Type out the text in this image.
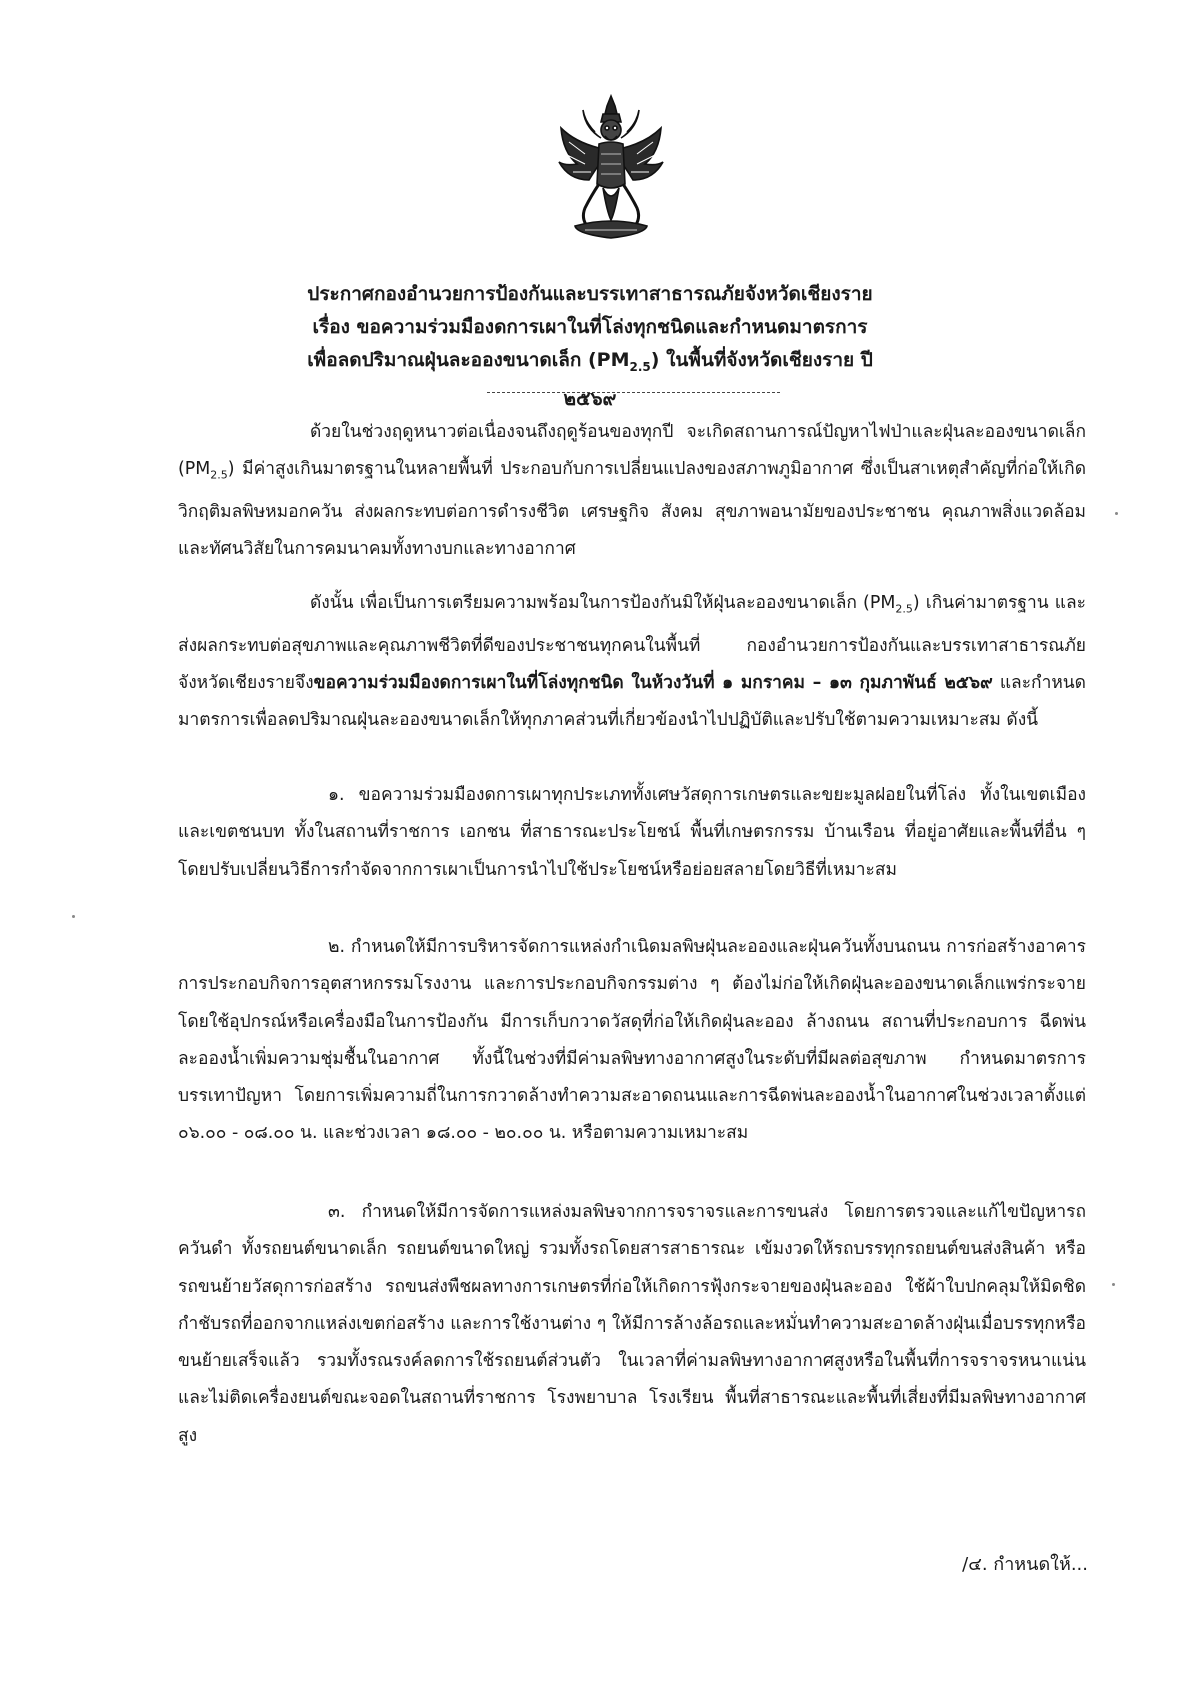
ประกาศกองอำนวยการป้องกันและบรรเทาสาธารณภัยจังหวัดเชียงราย
เรื่อง ขอความร่วมมืองดการเผาในที่โล่งทุกชนิดและกำหนดมาตรการ
เพื่อลดปริมาณฝุ่นละอองขนาดเล็ก $(PM_{2.5})$ ในพื้นที่จังหวัดเชียงราย ปี ๒๕๖๙
ด้วยในช่วงฤดูหนาวต่อเนื่องจนถึงฤดูร้อนของทุกปี จะเกิดสถานการณ์ปัญหาไฟป่าและฝุ่นละอองขนาดเล็ก $(PM_{2.5})$ มีค่าสูงเกินมาตรฐานในหลายพื้นที่ ประกอบกับการเปลี่ยนแปลงของสภาพภูมิอากาศ ซึ่งเป็นสาเหตุสำคัญที่ก่อให้เกิดวิกฤติมลพิษหมอกควัน ส่งผลกระทบต่อการดำรงชีวิต เศรษฐกิจ สังคม สุขภาพอนามัยของประชาชน คุณภาพสิ่งแวดล้อม และทัศนวิสัยในการคมนาคมทั้งทางบกและทางอากาศ
ดังนั้น เพื่อเป็นการเตรียมความพร้อมในการป้องกันมิให้ฝุ่นละอองขนาดเล็ก $(PM_{2.5})$ เกินค่ามาตรฐาน และส่งผลกระทบต่อสุขภาพและคุณภาพชีวิตที่ดีของประชาชนทุกคนในพื้นที่ กองอำนวยการป้องกันและบรรเทาสาธารณภัยจังหวัดเชียงรายจึงขอความร่วมมืองดการเผาในที่โล่งทุกชนิด ในห้วงวันที่ ๑ มกราคม – ๑๓ กุมภาพันธ์ ๒๕๖๙ และกำหนดมาตรการเพื่อลดปริมาณฝุ่นละอองขนาดเล็กให้ทุกภาคส่วนที่เกี่ยวข้องนำไปปฏิบัติและปรับใช้ตามความเหมาะสม ดังนี้
๑. ขอความร่วมมืองดการเผาทุกประเภททั้งเศษวัสดุการเกษตรและขยะมูลฝอยในที่โล่ง ทั้งในเขตเมืองและเขตชนบท ทั้งในสถานที่ราชการ เอกชน ที่สาธารณะประโยชน์ พื้นที่เกษตรกรรม บ้านเรือน ที่อยู่อาศัยและพื้นที่อื่น ๆ โดยปรับเปลี่ยนวิธีการกำจัดจากการเผาเป็นการนำไปใช้ประโยชน์หรือย่อยสลายโดยวิธีที่เหมาะสม
๒. กำหนดให้มีการบริหารจัดการแหล่งกำเนิดมลพิษฝุ่นละอองและฝุ่นควันทั้งบนถนน การก่อสร้างอาคาร การประกอบกิจการอุตสาหกรรมโรงงาน และการประกอบกิจกรรมต่าง ๆ ต้องไม่ก่อให้เกิดฝุ่นละอองขนาดเล็กแพร่กระจาย โดยใช้อุปกรณ์หรือเครื่องมือในการป้องกัน มีการเก็บกวาดวัสดุที่ก่อให้เกิดฝุ่นละออง ล้างถนน สถานที่ประกอบการ ฉีดพ่นละอองน้ำเพิ่มความชุ่มชื้นในอากาศ ทั้งนี้ในช่วงที่มีค่ามลพิษทางอากาศสูงในระดับที่มีผลต่อสุขภาพ กำหนดมาตรการบรรเทาปัญหา โดยการเพิ่มความถี่ในการกวาดล้างทำความสะอาดถนนและการฉีดพ่นละอองน้ำในอากาศในช่วงเวลาตั้งแต่ ๐๖.๐๐ - ๐๘.๐๐ น. และช่วงเวลา ๑๘.๐๐ - ๒๐.๐๐ น. หรือตามความเหมาะสม
๓. กำหนดให้มีการจัดการแหล่งมลพิษจากการจราจรและการขนส่ง โดยการตรวจและแก้ไขปัญหารถควันดำ ทั้งรถยนต์ขนาดเล็ก รถยนต์ขนาดใหญ่ รวมทั้งรถโดยสารสาธารณะ เข้มงวดให้รถบรรทุกรถยนต์ขนส่งสินค้า หรือรถขนย้ายวัสดุการก่อสร้าง รถขนส่งพืชผลทางการเกษตรที่ก่อให้เกิดการฟุ้งกระจายของฝุ่นละออง ใช้ผ้าใบปกคลุมให้มิดชิด กำชับรถที่ออกจากแหล่งเขตก่อสร้าง และการใช้งานต่าง ๆ ให้มีการล้างล้อรถและหมั่นทำความสะอาดล้างฝุ่นเมื่อบรรทุกหรือขนย้ายเสร็จแล้ว รวมทั้งรณรงค์ลดการใช้รถยนต์ส่วนตัว ในเวลาที่ค่ามลพิษทางอากาศสูงหรือในพื้นที่การจราจรหนาแน่น และไม่ติดเครื่องยนต์ขณะจอดในสถานที่ราชการ โรงพยาบาล โรงเรียน พื้นที่สาธารณะและพื้นที่เสี่ยงที่มีมลพิษทางอากาศสูง
/๔. กำหนดให้...
